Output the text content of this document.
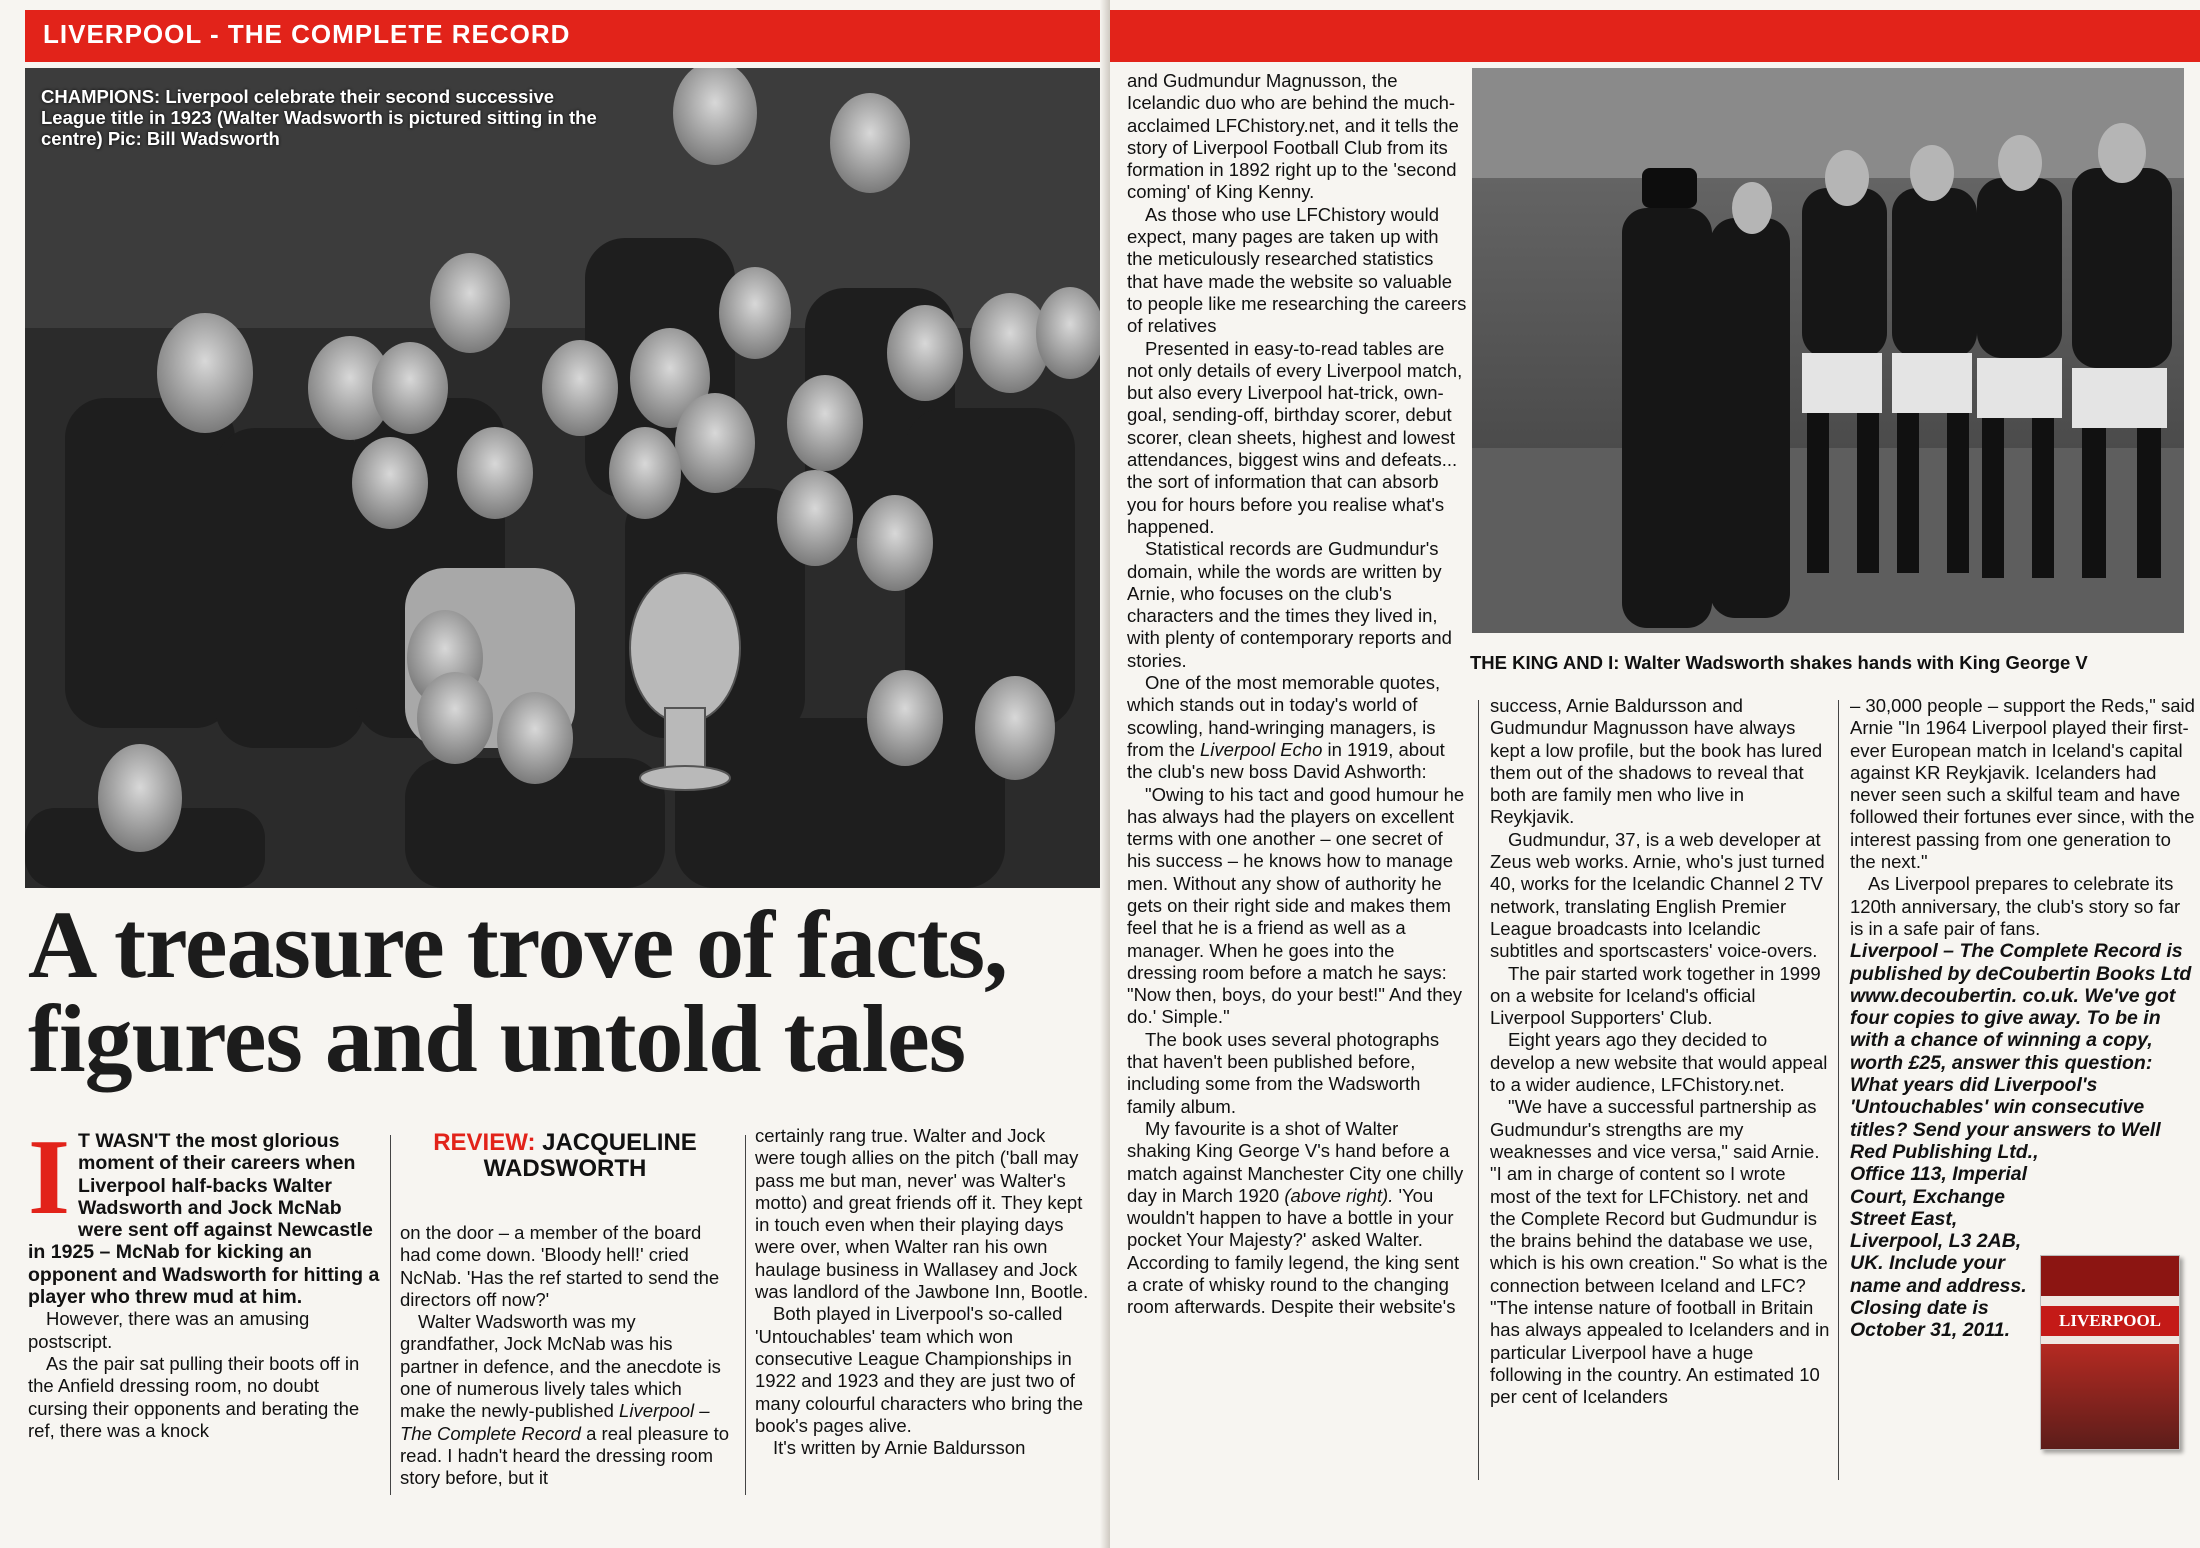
LIVERPOOL - THE COMPLETE RECORD
CHAMPIONS: Liverpool celebrate their second successive League title in 1923 (Walter Wadsworth is pictured sitting in the centre) Pic: Bill Wadsworth
A treasure trove of facts,
figures and untold tales
I T WASN'T the most glorious moment of their careers when Liverpool half-backs Walter Wadsworth and Jock McNab were sent off against Newcastle in 1925 – McNab for kicking an opponent and Wadsworth for hitting a player who threw mud at him.

However, there was an amusing postscript.

As the pair sat pulling their boots off in the Anfield dressing room, no doubt cursing their opponents and berating the ref, there was a knock

REVIEW: JACQUELINE WADSWORTH

on the door – a member of the board had come down. 'Bloody hell!' cried NcNab. 'Has the ref started to send the directors off now?'

Walter Wadsworth was my grandfather, Jock McNab was his partner in defence, and the anecdote is one of numerous lively tales which make the newly-published Liverpool – The Complete Record a real pleasure to read. I hadn't heard the dressing room story before, but it

certainly rang true. Walter and Jock were tough allies on the pitch ('ball may pass me but man, never' was Walter's motto) and great friends off it. They kept in touch even when their playing days were over, when Walter ran his own haulage business in Wallasey and Jock was landlord of the Jawbone Inn, Bootle.

Both played in Liverpool's so-called 'Untouchables' team which won consecutive League Championships in 1922 and 1923 and they are just two of many colourful characters who bring the book's pages alive.

It's written by Arnie Baldursson

and Gudmundur Magnusson, the Icelandic duo who are behind the much-acclaimed LFChistory.net, and it tells the story of Liverpool Football Club from its formation in 1892 right up to the 'second coming' of King Kenny.

As those who use LFChistory would expect, many pages are taken up with the meticulously researched statistics that have made the website so valuable to people like me researching the careers of relatives

Presented in easy-to-read tables are not only details of every Liverpool match, but also every Liverpool hat-trick, own-goal, sending-off, birthday scorer, debut scorer, clean sheets, highest and lowest attendances, biggest wins and defeats... the sort of information that can absorb you for hours before you realise what's happened.

Statistical records are Gudmundur's domain, while the words are written by Arnie, who focuses on the club's characters and the times they lived in, with plenty of contemporary reports and stories.

One of the most memorable quotes, which stands out in today's world of scowling, hand-wringing managers, is from the Liverpool Echo in 1919, about the club's new boss David Ashworth:

"Owing to his tact and good humour he has always had the players on excellent terms with one another – one secret of his success – he knows how to manage men. Without any show of authority he gets on their right side and makes them feel that he is a friend as well as a manager. When he goes into the dressing room before a match he says: "Now then, boys, do your best!" And they do.' Simple."

The book uses several photographs that haven't been published before, including some from the Wadsworth family album.

My favourite is a shot of Walter shaking King George V's hand before a match against Manchester City one chilly day in March 1920 (above right). 'You wouldn't happen to have a bottle in your pocket Your Majesty?' asked Walter. According to family legend, the king sent a crate of whisky round to the changing room afterwards. Despite their website's

THE KING AND I: Walter Wadsworth shakes hands with King George V

success, Arnie Baldursson and Gudmundur Magnusson have always kept a low profile, but the book has lured them out of the shadows to reveal that both are family men who live in Reykjavik.

Gudmundur, 37, is a web developer at Zeus web works. Arnie, who's just turned 40, works for the Icelandic Channel 2 TV network, translating English Premier League broadcasts into Icelandic subtitles and sportscasters' voice-overs.

The pair started work together in 1999 on a website for Iceland's official Liverpool Supporters' Club.

Eight years ago they decided to develop a new website that would appeal to a wider audience, LFChistory.net.

"We have a successful partnership as Gudmundur's strengths are my weaknesses and vice versa," said Arnie. "I am in charge of content so I wrote most of the text for LFChistory. net and the Complete Record but Gudmundur is the brains behind the database we use, which is his own creation." So what is the connection between Iceland and LFC? "The intense nature of football in Britain has always appealed to Icelanders and in particular Liverpool have a huge following in the country. An estimated 10 per cent of Icelanders

– 30,000 people – support the Reds," said Arnie "In 1964 Liverpool played their first-ever European match in Iceland's capital against KR Reykjavik. Icelanders had never seen such a skilful team and have followed their fortunes ever since, with the interest passing from one generation to the next."

As Liverpool prepares to celebrate its 120th anniversary, the club's story so far is in a safe pair of fans.

Liverpool – The Complete Record is published by deCoubertin Books Ltd www.decoubertin. co.uk. We've got four copies to give away. To be in with a chance of winning a copy, worth £25, answer this question: What years did Liverpool's 'Untouchables' win consecutive titles? Send your answers to Well Red Publishing Ltd.,

Office 113, Imperial Court, Exchange Street East, Liverpool, L3 2AB, UK. Include your name and address. Closing date is October 31, 2011.	LIVERPOOL
